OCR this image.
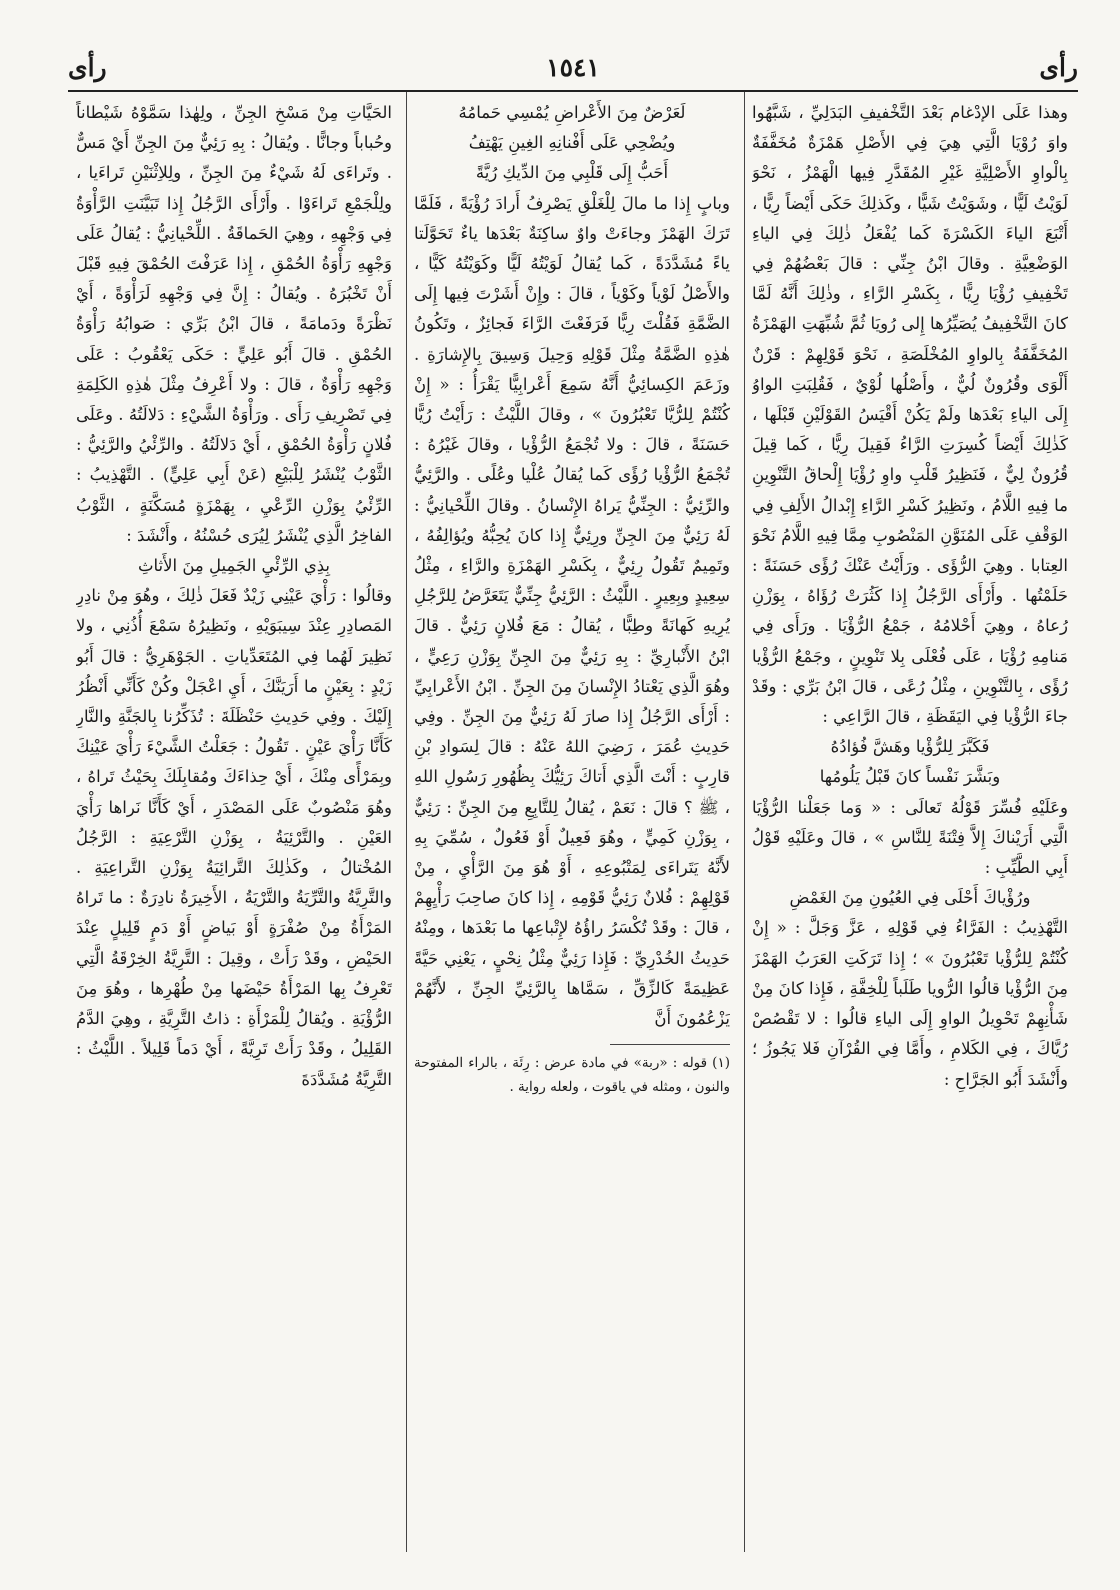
رأى
١٥٤١
رأى

وهذا عَلَى الإدْغام بَعْدَ التَّخْفيفِ البَدَلِيِّ ، شَبَّهُوا واوَ رُوْيَا الَّتِي هِيَ فِي الأَصْلِ هَمْزَةٌ مُخَفَّفَةٌ بِالْواوِ الأَصْلِيَّةِ غَيْرِ المُقَدَّرِ فِيها الْهَمْزُ ، نَحْوَ لَوَيْتُ لَيًّا ، وشَوَيْتُ شَيًّا ، وكَذلِكَ حَكَى أَيْضاً رِيًّا ، أَتْبَعَ الياءَ الكَسْرَةَ كَما يُفْعَلُ ذٰلِكَ فِي الياءِ الوَضْعِيَّةِ . وقالَ ابْنُ جِنِّي : قالَ بَعْضُهُمْ فِي تَخْفِيفِ رُؤْيَا رِيًّا ، بِكَسْرِ الرَّاءِ ، وذٰلِكَ أَنَّهُ لَمَّا كانَ التَّخْفِيفُ يُصَيِّرُها إِلى رُويَا ثُمَّ شُبِّهَتِ الهَمْزَةُ المُخَفَّفَةُ بِالواوِ المُخْلَصَةِ ، نَحْوَ قَوْلِهِمْ : قَرْنٌ أَلْوَى وقُرُونٌ لُيٌّ ، وأَصْلُها لُوْيٌ ، فَقُلِبَتِ الواوُ إِلَى الياءِ بَعْدَها ولَمْ يَكُنْ أَقْيَسُ القَوْلَيْنِ قَبْلَها ، كَذٰلِكَ أَيْضاً كُسِرَتِ الرَّاءُ فَقِيلَ رِيًّا ، كَما قِيلَ قُرُونٌ لِيٌّ ، فَنَظِيرُ قَلْبِ واوِ رُؤْيَا إِلْحاقُ التَّنْوِينِ ما فِيهِ اللَّامُ ، ونَظِيرُ كَسْرِ الرَّاءِ إِبْدالُ الأَلِفِ فِي الوَقْفِ عَلَى المُنَوَّنِ المَنْصُوبِ مِمَّا فِيهِ اللَّامُ نَحْوَ العِتابا . وهِيَ الرُّؤَى . ورَأَيْتُ عَنْكَ رُؤًى حَسَنَةً : حَلَمْتُها . وأَرْأَى الرَّجُلُ إِذا كَثُرَتْ رُؤَاهُ ، بِوَزْنِ رُعاهُ ، وهِيَ أَحْلامُهُ ، جَمْعُ الرُّؤْيَا . ورَأَى فِي مَنامِهِ رُؤْيَا ، عَلَى فُعْلَى بِلا تَنْوِينٍ ، وجَمْعُ الرُّؤْيا رُؤًى ، بِالتَّنْوِينِ ، مِثْلُ رُعًى ، قالَ ابْنُ بَرِّي : وقَدْ جاءَ الرُّؤْيا فِي اليَقَظَةِ ، قالَ الرَّاعِي :

فَكَبَّرَ لِلرُّؤْيا وهَشَّ فُؤادُهُ

وبَشَّرَ نَفْساً كانَ قَبْلُ يَلُومُها

وعَلَيْهِ فُسِّرَ قَوْلُهُ تَعالَى : « وَما جَعَلْنا الرُّؤْيَا الَّتِي أَرَيْناكَ إِلاَّ فِتْنَةً لِلنَّاسِ » ، قالَ وعَلَيْهِ قَوْلُ أَبِي الطَّيِّبِ :

ورُؤْياكَ أَحْلَى فِي العُيُونِ مِنَ الغَمْضِ

التَّهْذِيبُ : الفَرَّاءُ فِي قَوْلِهِ ، عَزَّ وَجَلَّ : « إِنْ كُنْتُمْ لِلرُّؤْيا تَعْبُرُونَ » ؛ إِذا تَرَكَتِ العَرَبُ الهَمْزَ مِنَ الرُّؤْيا قالُوا الرُّويا طَلَباً لِلْخِفَّةِ ، فَإِذا كانَ مِنْ شَأْنِهِمْ تَحْوِيلُ الواوِ إِلَى الياءِ قالُوا : لا تَقْصُصْ رُيَّاكَ ، فِي الكَلامِ ، وأَمَّا فِي القُرْآنِ فَلا يَجُوزُ ؛ وأَنْشَدَ أَبُو الجَرَّاحِ :

لَعَرْضٌ مِنَ الأَعْراضِ يُمْسِي حَمامُهُ

ويُضْحِي عَلَى أَفْنانِهِ الغِينِ يَهْتِفُ

أَحَبُّ إِلَى قَلْبِي مِنَ الدِّيكِ رُيَّةً

وبابٍ إِذا ما مالَ لِلْغَلْقِ يَصْرِفُ أَرادَ رُؤْيَةً ، فَلَمَّا تَرَكَ الهَمْزَ وجاءَتْ واوٌ ساكِنَةٌ بَعْدَها ياءٌ تَحَوَّلَتا ياءً مُشَدَّدَةً ، كَما يُقالُ لَوَيْتُهُ لَيًّا وكَوَيْتُهُ كَيًّا ، والأَصْلُ لَوْياً وكَوْياً ، قالَ : وإِنْ أَشَرْتَ فِيها إِلَى الضَّمَّةِ فَقُلْتَ رِيًّا فَرَفَعْتَ الرَّاءَ فَجائِزٌ ، وتَكُونُ هٰذِهِ الضَّمَّةُ مِثْلَ قَوْلِهِ وَحِيلَ وَسِيقَ بِالإِشارَةِ . وزَعَمَ الكِسائِيُّ أَنَّهُ سَمِعَ أَعْرابِيًّا يَقْرَأُ : « إِنْ كُنْتُمْ لِلرُّيَّا تَعْبُرُونَ » ، وقالَ اللَّيْثُ : رَأَيْتُ رُيًّا حَسَنَةً ، قالَ : ولا تُجْمَعُ الرُّؤْيا ، وقالَ غَيْرُهُ : تُجْمَعُ الرُّؤْيا رُؤًى كَما يُقالُ عُلْيا وعُلًى . والرَّئِيُّ والرِّئِيُّ : الجِنِّيُّ يَراهُ الإِنْسانُ . وقالَ اللِّحْيانِيُّ : لَهُ رَئِيٌّ مِنَ الجِنِّ ورِئِيٌّ إِذا كانَ يُحِبُّهُ ويُؤالِفُهُ ، وتَمِيمٌ تَقُولُ رِئِيٌّ ، بِكَسْرِ الهَمْزَةِ والرَّاءِ ، مِثْلُ سِعِيدٍ وبِعِيرٍ . اللَّيْثُ : الرَّئِيُّ جِنِّيٌّ يَتَعَرَّضُ لِلرَّجُلِ يُرِيهِ كَهانَةً وطِبًّا ، يُقالُ : مَعَ فُلانٍ رَئِيٌّ . قالَ ابْنُ الأَنْبارِيِّ : بِهِ رَئِيٌّ مِنَ الجِنِّ بِوَزْنِ رَعِيٍّ ، وهُوَ الَّذِي يَعْتادُ الإِنْسانَ مِنَ الجِنِّ . ابْنُ الأَعْرابِيِّ : أَرْأَى الرَّجُلُ إِذا صارَ لَهُ رَئِيٌّ مِنَ الجِنِّ . وفِي حَدِيثِ عُمَرَ ، رَضِيَ اللهُ عَنْهُ : قالَ لِسَوادِ بْنِ قارِبٍ : أَنْتَ الَّذِي أَتاكَ رَئِيُّكَ بِظُهُورِ رَسُولِ اللهِ ، ﷺ ؟ قالَ : نَعَمْ ، يُقالُ لِلتَّابِعِ مِنَ الجِنِّ : رَئِيٌّ ، بِوَزْنِ كَمِيٍّ ، وهُوَ فَعِيلٌ أَوْ فَعُولٌ ، سُمِّيَ بِهِ لأَنَّهُ يَتَراءَى لِمَتْبُوعِهِ ، أَوْ هُوَ مِنَ الرَّأْيِ ، مِنْ قَوْلِهِمْ : فُلانٌ رَئِيُّ قَوْمِهِ ، إِذا كانَ صاحِبَ رَأْيِهِمْ ، قالَ : وقَدْ تُكْسَرُ راؤُهُ لإِتْباعِها ما بَعْدَها ، ومِنْهُ حَدِيثُ الخُدْرِيِّ : فَإِذا رَئِيٌّ مِثْلُ نِحْيٍ ، يَعْنِي حَيَّةً عَظِيمَةً كَالزِّقِّ ، سَمَّاها بِالرَّئِيِّ الجِنِّ ، لأَنَّهُمْ يَزْعُمُونَ أَنَّ

(١) قوله : «ربة» في مادة عرض : رِئَة ، بالراء المفتوحة والنون ، ومثله في ياقوت ، ولعله رواية .

الحَيَّاتِ مِنْ مَسْخِ الجِنِّ ، ولِهٰذا سَمَّوْهُ شَيْطاناً وحُباباً وجانًّا . ويُقالُ : بِهِ رَئِيٌّ مِنَ الجِنِّ أَيْ مَسٌّ . وتَراءَى لَهُ شَيْءٌ مِنَ الجِنِّ ، ولِلاِثْنَيْنِ تَراءَيا ، ولِلْجَمْعِ تَراءَوْا . وأَرْأَى الرَّجُلُ إِذا تَبَيَّنَتِ الرَّأْوَةُ فِي وَجْهِهِ ، وهِيَ الحَماقَةُ . اللِّحْيانِيُّ : يُقالُ عَلَى وَجْهِهِ رَأْوَةُ الحُمْقِ ، إِذا عَرَفْتَ الحُمْقَ فِيهِ قَبْلَ أَنْ تَخْبُرَهُ . ويُقالُ : إِنَّ فِي وَجْهِهِ لَرَأْوَةً ، أَيْ نَظْرَةً ودَمامَةً ، قالَ ابْنُ بَرِّي : صَوابُهُ رَأْوَةُ الحُمْقِ . قالَ أَبُو عَلِيٍّ : حَكَى يَعْقُوبُ : عَلَى وَجْهِهِ رَأْوَةٌ ، قالَ : ولا أَعْرِفُ مِثْلَ هٰذِهِ الكَلِمَةِ فِي تَصْرِيفِ رَأَى . ورَأْوَةُ الشَّيْءِ : دَلالَتُهُ . وعَلَى فُلانٍ رَأْوَةُ الحُمْقِ ، أَيْ دَلالَتُهُ . والرِّئْيُ والرَّئِيُّ : الثَّوْبُ يُنْشَرُ لِلْبَيْعِ (عَنْ أَبِي عَلِيٍّ) . التَّهْذِيبُ : الرِّئْيُ بِوَزْنِ الرِّعْيِ ، بِهَمْزَةٍ مُسَكَّنَةٍ ، الثَّوْبُ الفاخِرُ الَّذِي يُنْشَرُ لِيُرَى حُسْنُهُ ، وأَنْشَدَ :

بِذِي الرِّئْيِ الجَمِيلِ مِنَ الأَثاثِ

وقالُوا : رَأْيَ عَيْنِي زَيْدٌ فَعَلَ ذٰلِكَ ، وهُوَ مِنْ نادِرِ المَصادِرِ عِنْدَ سِيبَوَيْهِ ، ونَظِيرُهُ سَمْعَ أُذُنِي ، ولا نَظِيرَ لَهُما فِي المُتَعَدِّياتِ . الجَوْهَرِيُّ : قالَ أَبُو زَيْدٍ : بِعَيْنٍ ما أَرَيَنَّكَ ، أَيِ اعْجَلْ وكُنْ كَأَنِّي أَنْظُرُ إِلَيْكَ . وفِي حَدِيثِ حَنْظَلَةَ : تُذَكِّرُنا بِالجَنَّةِ والنَّارِ كَأَنَّا رَأْيَ عَيْنٍ . تَقُولُ : جَعَلْتُ الشَّيْءَ رَأْيَ عَيْنِكَ وبِمَرْأًى مِنْكَ ، أَيْ حِذاءَكَ ومُقابِلَكَ بِحَيْثُ تَراهُ ، وهُوَ مَنْصُوبٌ عَلَى المَصْدَرِ ، أَيْ كَأَنَّا نَراها رَأْيَ العَيْنِ . والتَّرْئِيَةُ ، بِوَزْنِ التَّرْعِيَةِ : الرَّجُلُ المُخْتالُ ، وكَذٰلِكَ التَّرائِيَةُ بِوَزْنِ التَّراعِيَةِ . والتَّرِيَّةُ والتَّرِّيَةُ والتَّرْيَةُ ، الأَخِيرَةُ نادِرَةٌ : ما تَراهُ المَرْأَةُ مِنْ صُفْرَةٍ أَوْ بَياضٍ أَوْ دَمٍ قَلِيلٍ عِنْدَ الحَيْضِ ، وقَدْ رَأَتْ ، وقِيلَ : التَّرِيَّةُ الخِرْقَةُ الَّتِي تَعْرِفُ بِها المَرْأَةُ حَيْضَها مِنْ طُهْرِها ، وهُوَ مِنَ الرُّؤْيَةِ . ويُقالُ لِلْمَرْأَةِ : ذاتُ التَّرِيَّةِ ، وهِيَ الدَّمُ القَلِيلُ ، وقَدْ رَأَتْ تَرِيَّةً ، أَيْ دَماً قَلِيلاً . اللَّيْثُ : التَّرِيَّةُ مُشَدَّدَةَ
